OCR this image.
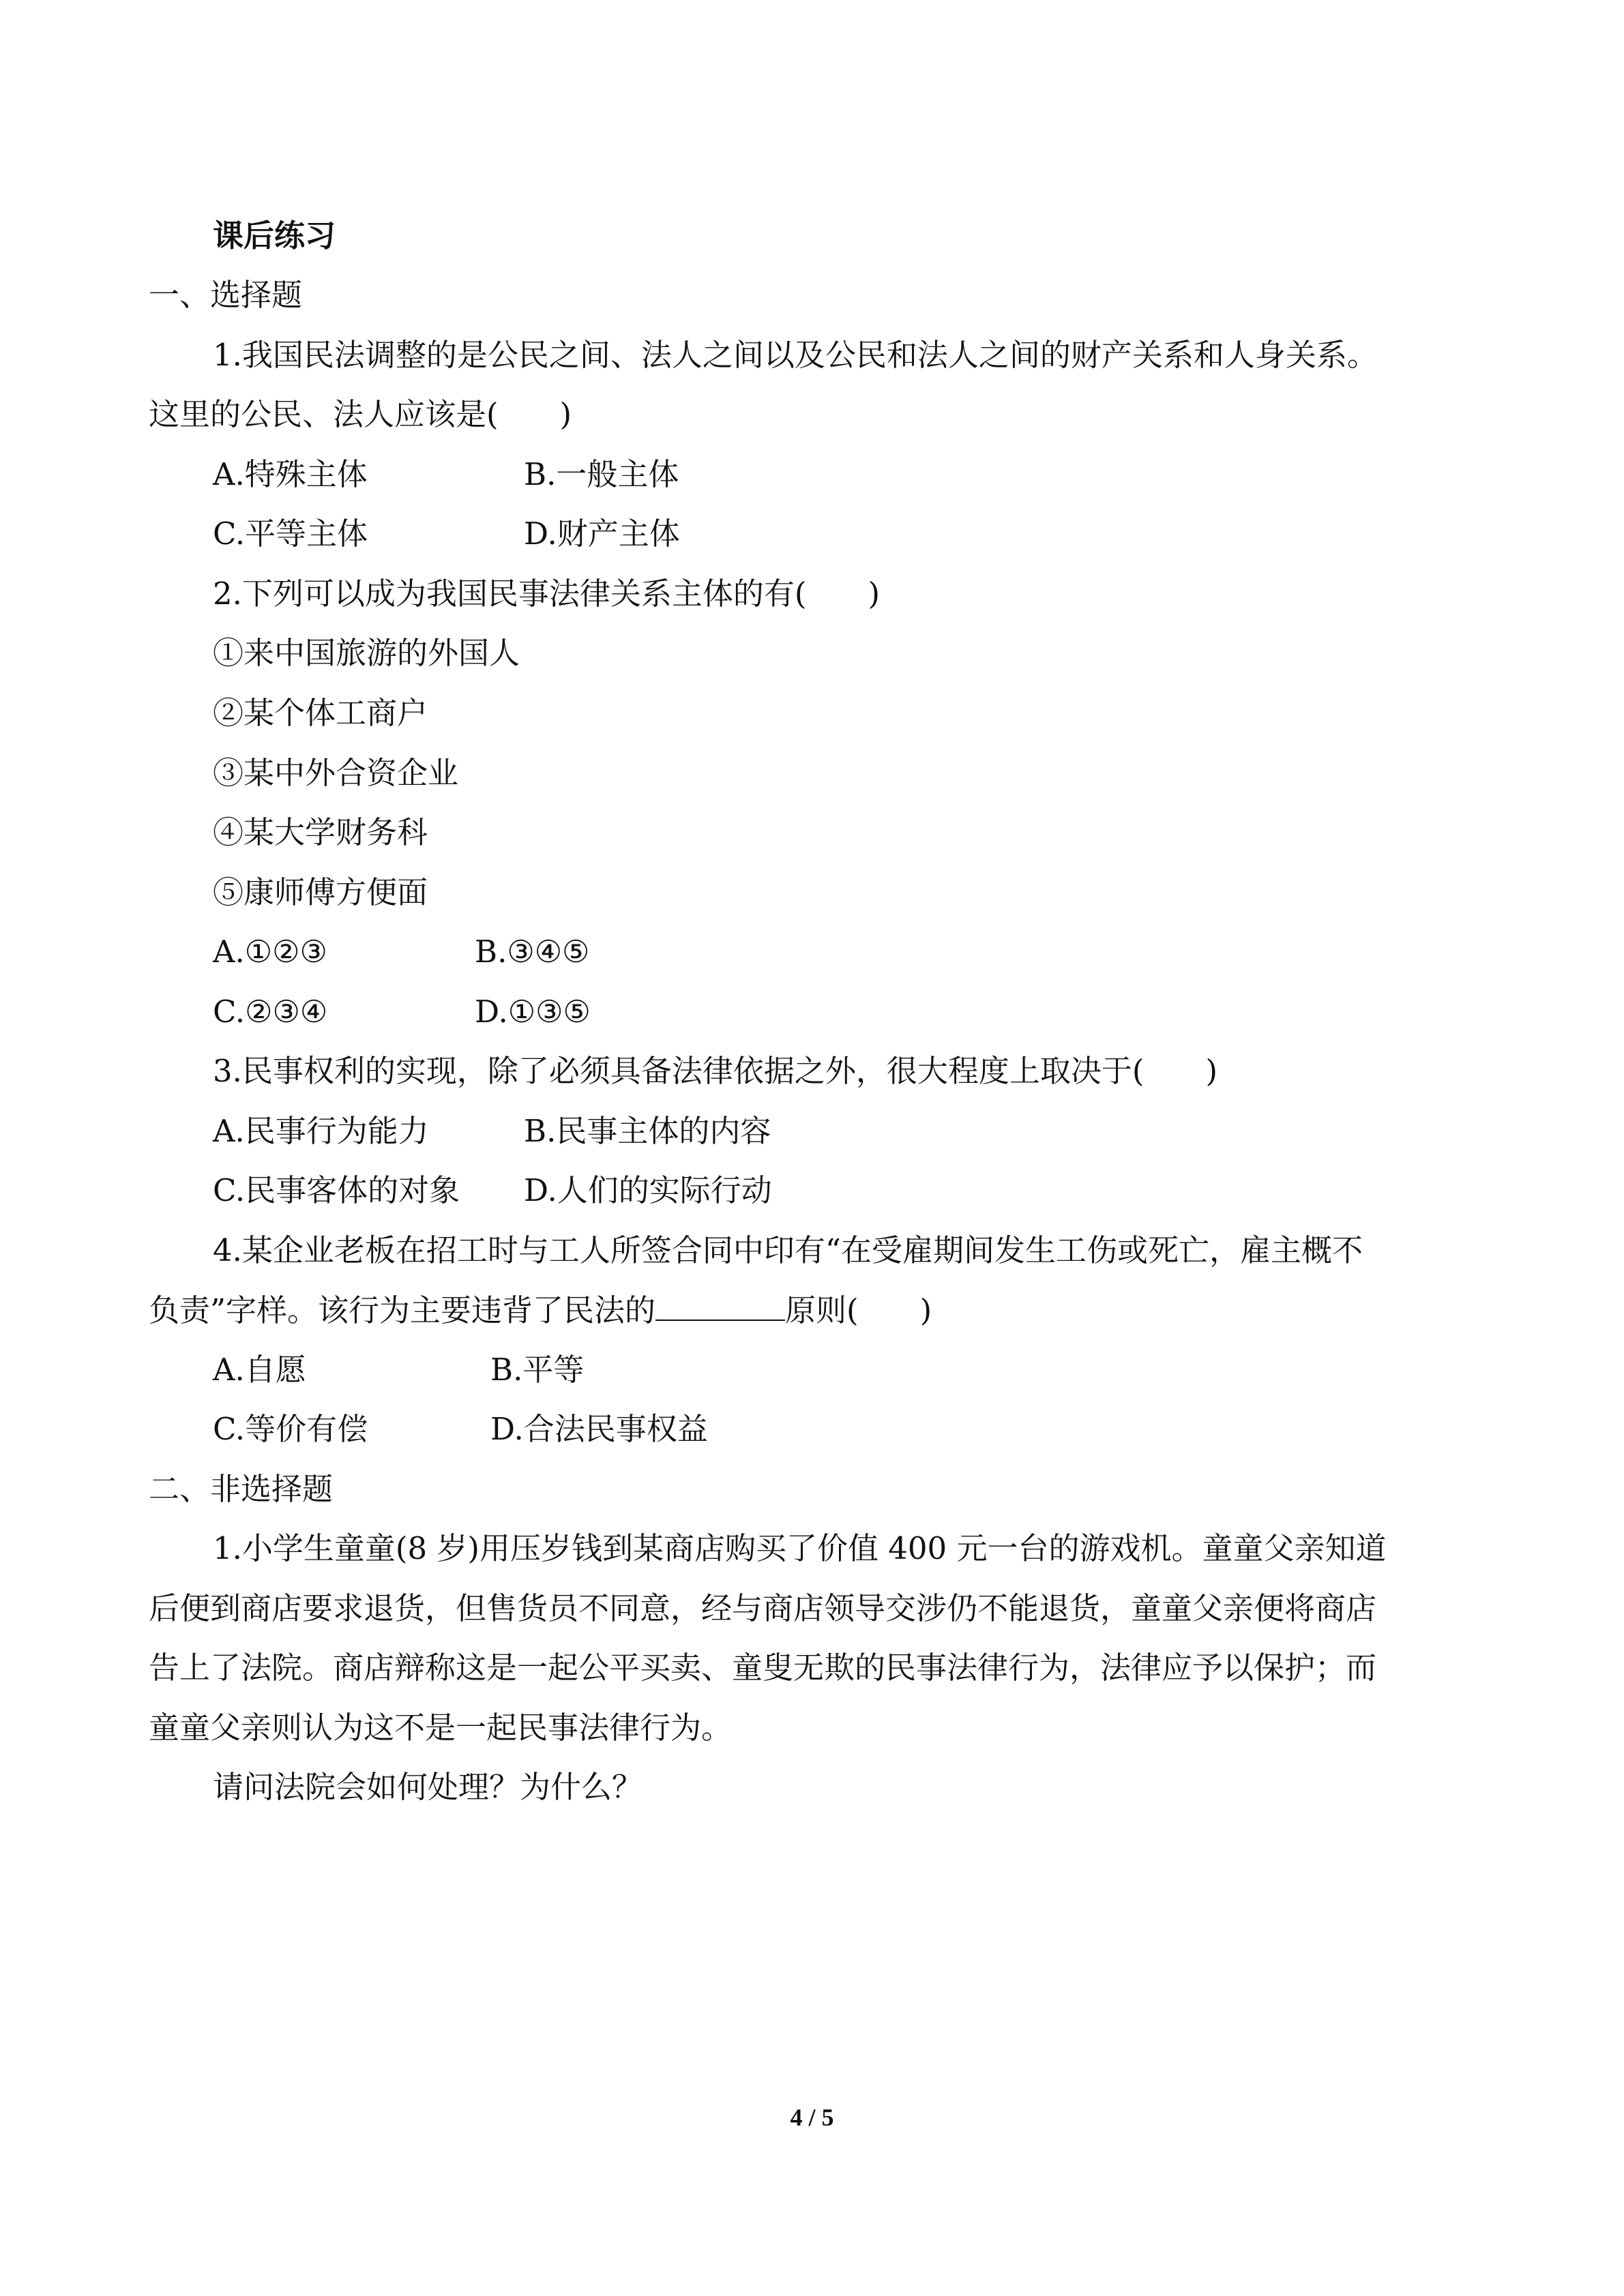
课后练习
一、选择题
1.我国民法调整的是公民之间、法人之间以及公民和法人之间的财产关系和人身关系。
这里的公民、法人应该是(　　)
A.特殊主体	B.一般主体
C.平等主体	D.财产主体
2.下列可以成为我国民事法律关系主体的有(　　)
①来中国旅游的外国人
②某个体工商户
③某中外合资企业
④某大学财务科
⑤康师傅方便面
A.①②③	B.③④⑤
C.②③④	D.①③⑤
3.民事权利的实现，除了必须具备法律依据之外，很大程度上取决于(　　)
A.民事行为能力	B.民事主体的内容
C.民事客体的对象 D.人们的实际行动
4.某企业老板在招工时与工人所签合同中印有“在受雇期间发生工伤或死亡，雇主概不
负责”字样。该行为主要违背了民法的	原则(　　)
A.自愿	B.平等
C.等价有偿	D.合法民事权益
二、非选择题
1.小学生童童(8 岁)用压岁钱到某商店购买了价值 400 元一台的游戏机。童童父亲知道
后便到商店要求退货，但售货员不同意，经与商店领导交涉仍不能退货，童童父亲便将商店
告上了法院。商店辩称这是一起公平买卖、童叟无欺的民事法律行为，法律应予以保护；而
童童父亲则认为这不是一起民事法律行为。
请问法院会如何处理？为什么？
4 / 5
